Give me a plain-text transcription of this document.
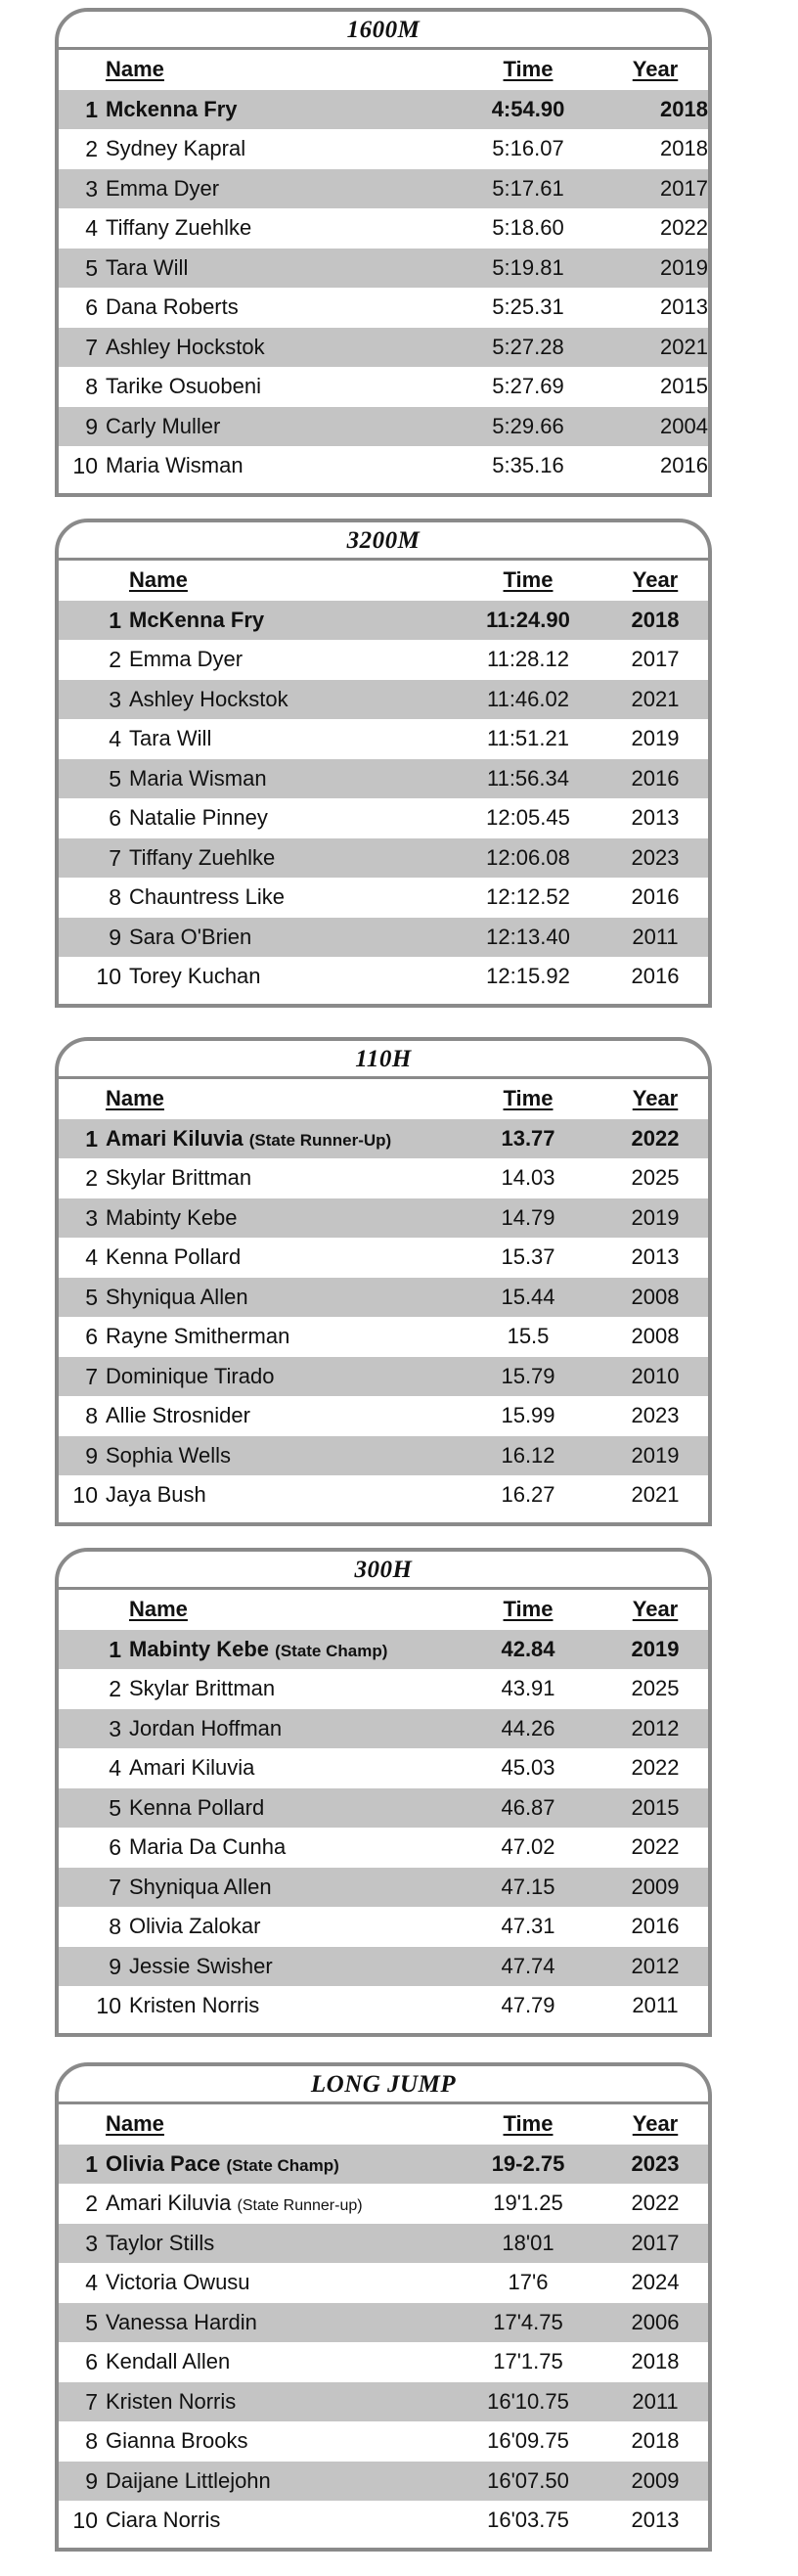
1600M
Name	Time	Year
1 Mckenna Fry	4:54.90	2018
2 Sydney Kapral	5:16.07	2018
3 Emma Dyer	5:17.61	2017
4 Tiffany Zuehlke	5:18.60	2022
5 Tara Will	5:19.81	2019
6 Dana Roberts	5:25.31	2013
7 Ashley Hockstok	5:27.28	2021
8 Tarike Osuobeni	5:27.69	2015
9 Carly Muller	5:29.66	2004
10 Maria Wisman	5:35.16	2016
3200M
Name	Time	Year
1 McKenna Fry	11:24.90	2018
2 Emma Dyer	11:28.12	2017
3 Ashley Hockstok	11:46.02	2021
4 Tara Will	11:51.21	2019
5 Maria Wisman	11:56.34	2016
6 Natalie Pinney	12:05.45	2013
7 Tiffany Zuehlke	12:06.08	2023
8 Chauntress Like	12:12.52	2016
9 Sara O'Brien	12:13.40	2011
10 Torey Kuchan	12:15.92	2016
110H
Name	Time	Year
1 Amari Kiluvia (State Runner-Up)	13.77	2022
2 Skylar Brittman	14.03	2025
3 Mabinty Kebe	14.79	2019
4 Kenna Pollard	15.37	2013
5 Shyniqua Allen	15.44	2008
6 Rayne Smitherman	15.5	2008
7 Dominique Tirado	15.79	2010
8 Allie Strosnider	15.99	2023
9 Sophia Wells	16.12	2019
10 Jaya Bush	16.27	2021
300H
Name	Time	Year
1 Mabinty Kebe (State Champ)	42.84	2019
2 Skylar Brittman	43.91	2025
3 Jordan Hoffman	44.26	2012
4 Amari Kiluvia	45.03	2022
5 Kenna Pollard	46.87	2015
6 Maria Da Cunha	47.02	2022
7 Shyniqua Allen	47.15	2009
8 Olivia Zalokar	47.31	2016
9 Jessie Swisher	47.74	2012
10 Kristen Norris	47.79	2011
LONG JUMP
Name	Time	Year
1 Olivia Pace (State Champ)	19-2.75	2023
2 Amari Kiluvia (State Runner-up)	19'1.25	2022
3 Taylor Stills	18'01	2017
4 Victoria Owusu	17'6	2024
5 Vanessa Hardin	17'4.75	2006
6 Kendall Allen	17'1.75	2018
7 Kristen Norris	16'10.75	2011
8 Gianna Brooks	16'09.75	2018
9 Daijane Littlejohn	16'07.50	2009
10 Ciara Norris	16'03.75	2013
